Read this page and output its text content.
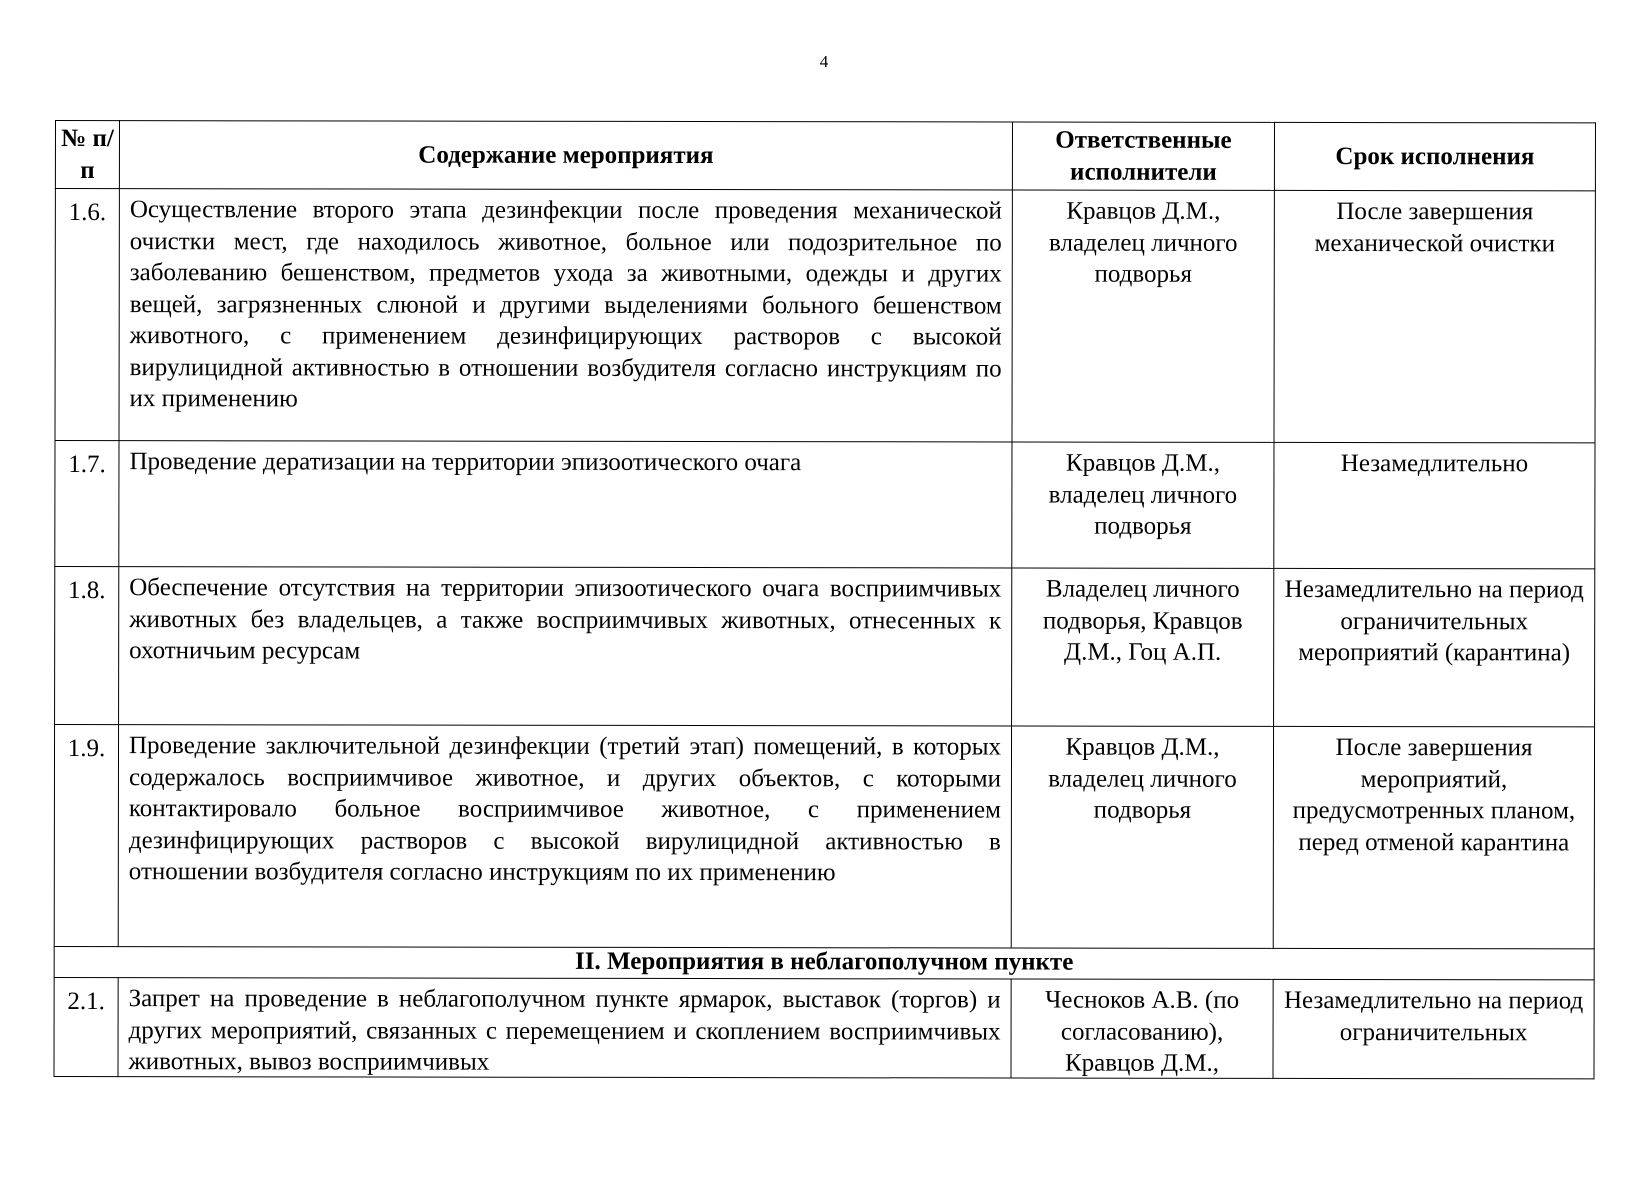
4
№ п/п	Содержание мероприятия	Ответственные исполнители	Срок исполнения
1.6.	Осуществление второго этапа дезинфекции после проведения механической очистки мест, где находилось животное, больное или подозрительное по заболеванию бешенством, предметов ухода за животными, одежды и других вещей, загрязненных слюной и другими выделениями больного бешенством животного, с применением дезинфицирующих растворов с высокой вирулицидной активностью в отношении возбудителя согласно инструкциям по их применению	Кравцов Д.М., владелец личного подворья	После завершения механической очистки
1.7.	Проведение дератизации на территории эпизоотического очага	Кравцов Д.М., владелец личного подворья	Незамедлительно
1.8.	Обеспечение отсутствия на территории эпизоотического очага восприимчивых животных без владельцев, а также восприимчивых животных, отнесенных к охотничьим ресурсам	Владелец личного подворья, Кравцов Д.М., Гоц А.П.	Незамедлительно на период ограничительных мероприятий (карантина)
1.9.	Проведение заключительной дезинфекции (третий этап) помещений, в которых содержалось восприимчивое животное, и других объектов, с которыми контактировало больное восприимчивое животное, с применением дезинфицирующих растворов с высокой вирулицидной активностью в отношении возбудителя согласно инструкциям по их применению	Кравцов Д.М., владелец личного подворья	После завершения мероприятий, предусмотренных планом, перед отменой карантина
II. Мероприятия в неблагополучном пункте			
2.1.	Запрет на проведение в неблагополучном пункте ярмарок, выставок (торгов) и других мероприятий, связанных с перемещением и скоплением восприимчивых животных, вывоз восприимчивых	Чесноков А.В. (по согласованию), Кравцов Д.М.,	Незамедлительно на период ограничительных
